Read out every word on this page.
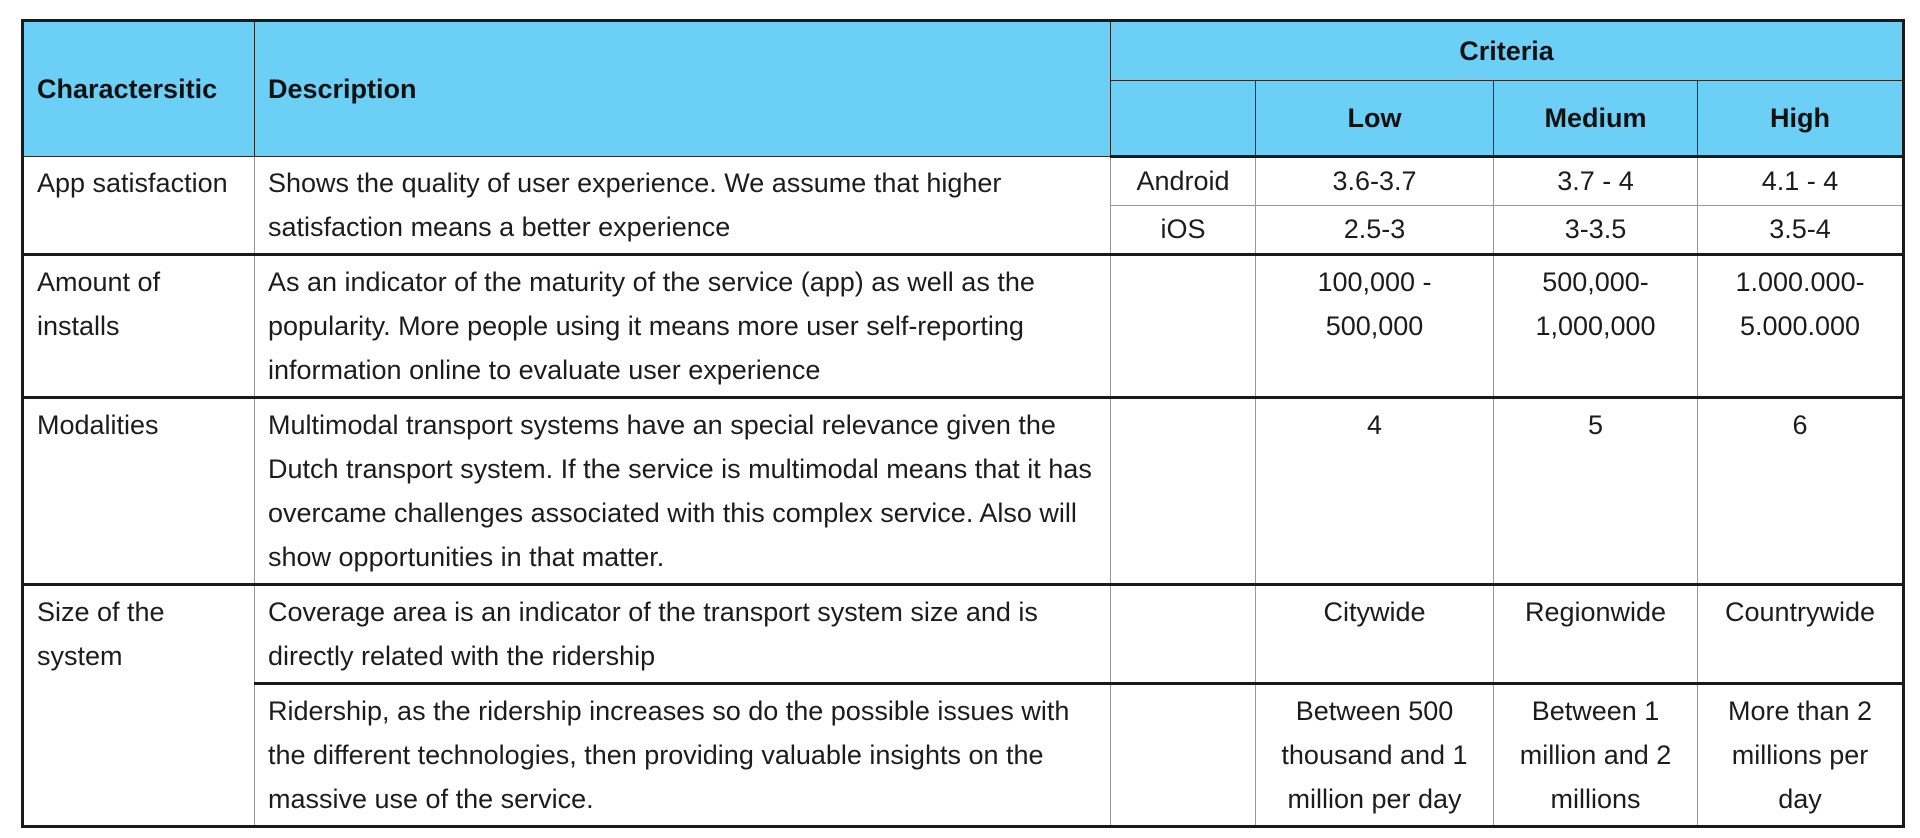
Charactersitic	Description	Criteria			
			Low	Medium	High
App satisfaction	Shows the quality of user experience. We assume that higher satisfaction means a better experience	Android	3.6-3.7	3.7 - 4	4.1 - 4
		iOS	2.5-3	3-3.5	3.5-4
Amount of installs	As an indicator of the maturity of the service (app) as well as the popularity. More people using it means more user self-reporting information online to evaluate user experience		100,000 - 500,000	500,000-1,000,000	1.000.000-5.000.000
Modalities	Multimodal transport systems have an special relevance given the Dutch transport system. If the service is multimodal means that it has overcame challenges associated with this complex service. Also will show opportunities in that matter.		4	5	6
Size of the system	Coverage area is an indicator of the transport system size and is directly related with the ridership		Citywide	Regionwide	Countrywide
	Ridership, as the ridership increases so do the possible issues with the different technologies, then providing valuable insights on the massive use of the service.		Between 500 thousand and 1 million per day	Between 1 million and 2 millions	More than 2 millions per day
